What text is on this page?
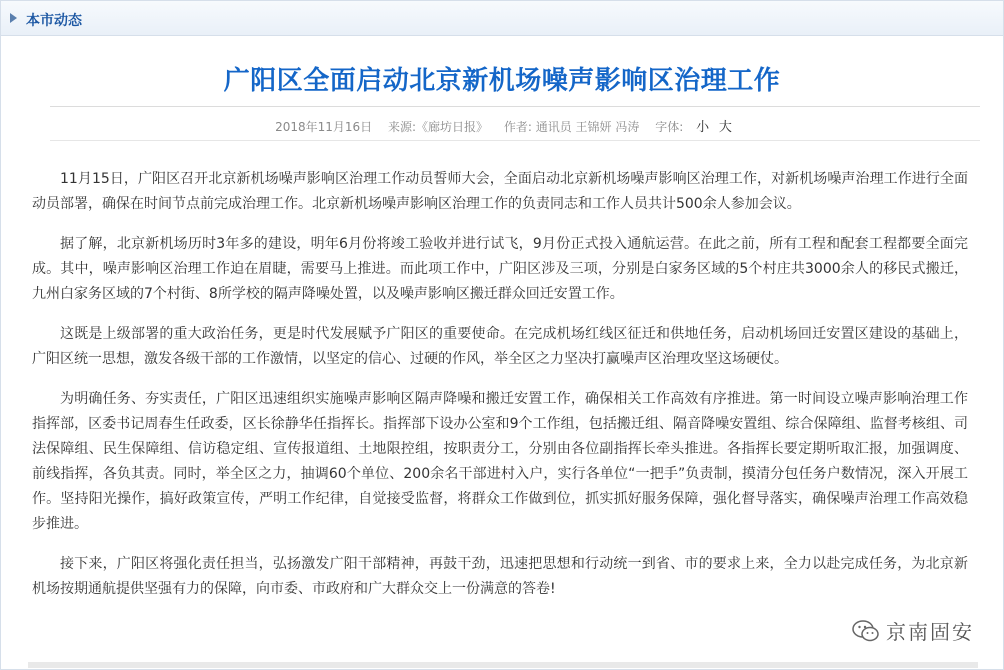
本市动态
广阳区全面启动北京新机场噪声影响区治理工作
2018年11月16日 来源:《廊坊日报》 作者: 通讯员 王锦妍 冯涛 字体: 小 大

11月15日，广阳区召开北京新机场噪声影响区治理工作动员誓师大会，全面启动北京新机场噪声影响区治理工作，对新机场噪声治理工作进行全面动员部署，确保在时间节点前完成治理工作。北京新机场噪声影响区治理工作的负责同志和工作人员共计500余人参加会议。

据了解，北京新机场历时3年多的建设，明年6月份将竣工验收并进行试飞，9月份正式投入通航运营。在此之前，所有工程和配套工程都要全面完成。其中，噪声影响区治理工作迫在眉睫，需要马上推进。而此项工作中，广阳区涉及三项，分别是白家务区域的5个村庄共3000余人的移民式搬迁，九州白家务区域的7个村街、8所学校的隔声降噪处置，以及噪声影响区搬迁群众回迁安置工作。

这既是上级部署的重大政治任务，更是时代发展赋予广阳区的重要使命。在完成机场红线区征迁和供地任务，启动机场回迁安置区建设的基础上，广阳区统一思想，激发各级干部的工作激情，以坚定的信心、过硬的作风，举全区之力坚决打赢噪声区治理攻坚这场硬仗。

为明确任务、夯实责任，广阳区迅速组织实施噪声影响区隔声降噪和搬迁安置工作，确保相关工作高效有序推进。第一时间设立噪声影响治理工作指挥部，区委书记周春生任政委，区长徐静华任指挥长。指挥部下设办公室和9个工作组，包括搬迁组、隔音降噪安置组、综合保障组、监督考核组、司法保障组、民生保障组、信访稳定组、宣传报道组、土地限控组，按职责分工，分别由各位副指挥长牵头推进。各指挥长要定期听取汇报，加强调度、前线指挥，各负其责。同时，举全区之力，抽调60个单位、200余名干部进村入户，实行各单位“一把手”负责制，摸清分包任务户数情况，深入开展工作。坚持阳光操作，搞好政策宣传，严明工作纪律，自觉接受监督，将群众工作做到位，抓实抓好服务保障，强化督导落实，确保噪声治理工作高效稳步推进。

接下来，广阳区将强化责任担当，弘扬激发广阳干部精神，再鼓干劲，迅速把思想和行动统一到省、市的要求上来，全力以赴完成任务，为北京新机场按期通航提供坚强有力的保障，向市委、市政府和广大群众交上一份满意的答卷!

京南固安
